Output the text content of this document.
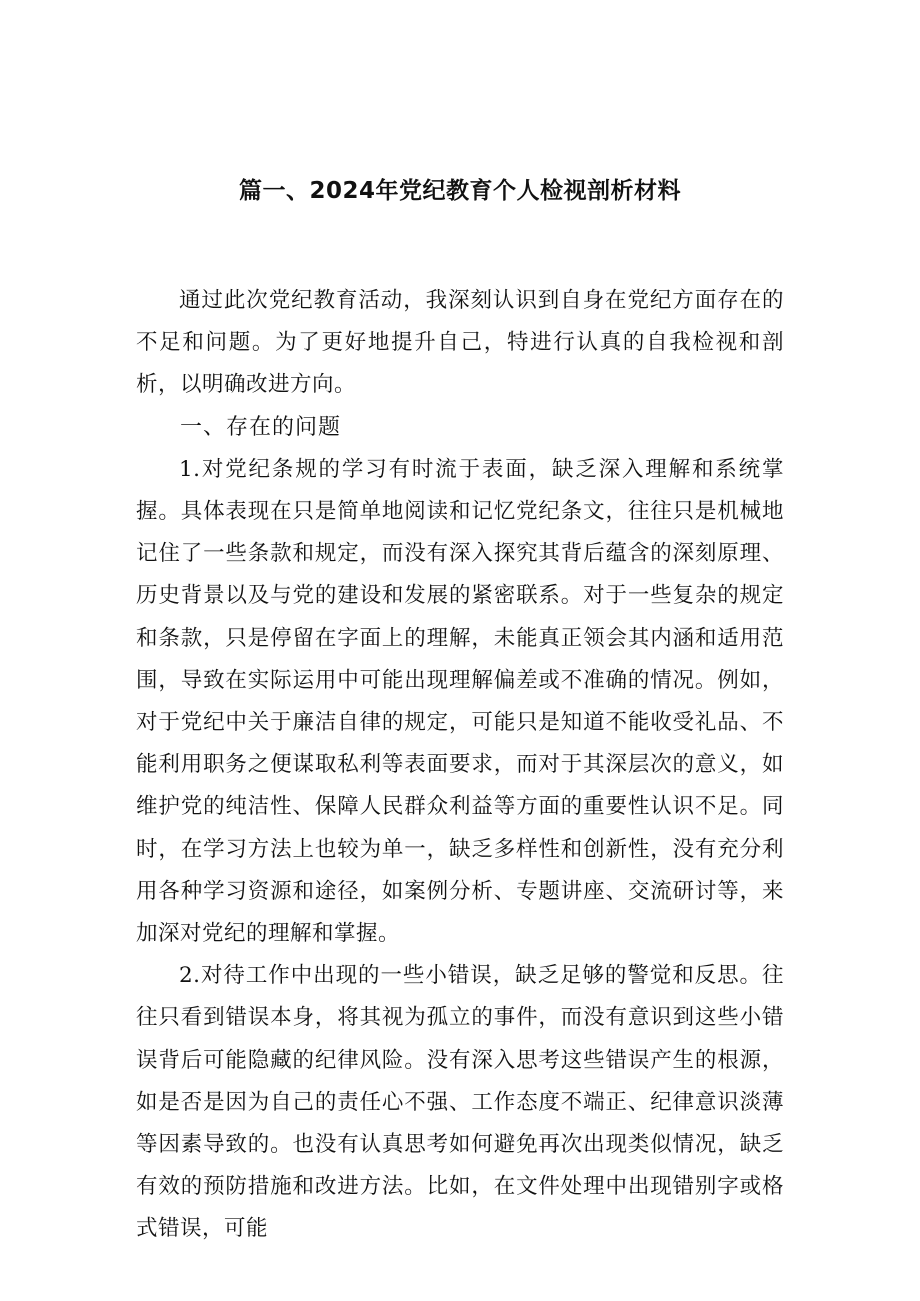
篇一、2024年党纪教育个人检视剖析材料

通过此次党纪教育活动，我深刻认识到自身在党纪方面存在的不足和问题。为了更好地提升自己，特进行认真的自我检视和剖析，以明确改进方向。

一、存在的问题

1.对党纪条规的学习有时流于表面，缺乏深入理解和系统掌握。具体表现在只是简单地阅读和记忆党纪条文，往往只是机械地记住了一些条款和规定，而没有深入探究其背后蕴含的深刻原理、历史背景以及与党的建设和发展的紧密联系。对于一些复杂的规定和条款，只是停留在字面上的理解，未能真正领会其内涵和适用范围，导致在实际运用中可能出现理解偏差或不准确的情况。例如，对于党纪中关于廉洁自律的规定，可能只是知道不能收受礼品、不能利用职务之便谋取私利等表面要求，而对于其深层次的意义，如维护党的纯洁性、保障人民群众利益等方面的重要性认识不足。同时，在学习方法上也较为单一，缺乏多样性和创新性，没有充分利用各种学习资源和途径，如案例分析、专题讲座、交流研讨等，来加深对党纪的理解和掌握。

2.对待工作中出现的一些小错误，缺乏足够的警觉和反思。往往只看到错误本身，将其视为孤立的事件，而没有意识到这些小错误背后可能隐藏的纪律风险。没有深入思考这些错误产生的根源，如是否是因为自己的责任心不强、工作态度不端正、纪律意识淡薄等因素导致的。也没有认真思考如何避免再次出现类似情况，缺乏有效的预防措施和改进方法。比如，在文件处理中出现错别字或格式错误，可能
